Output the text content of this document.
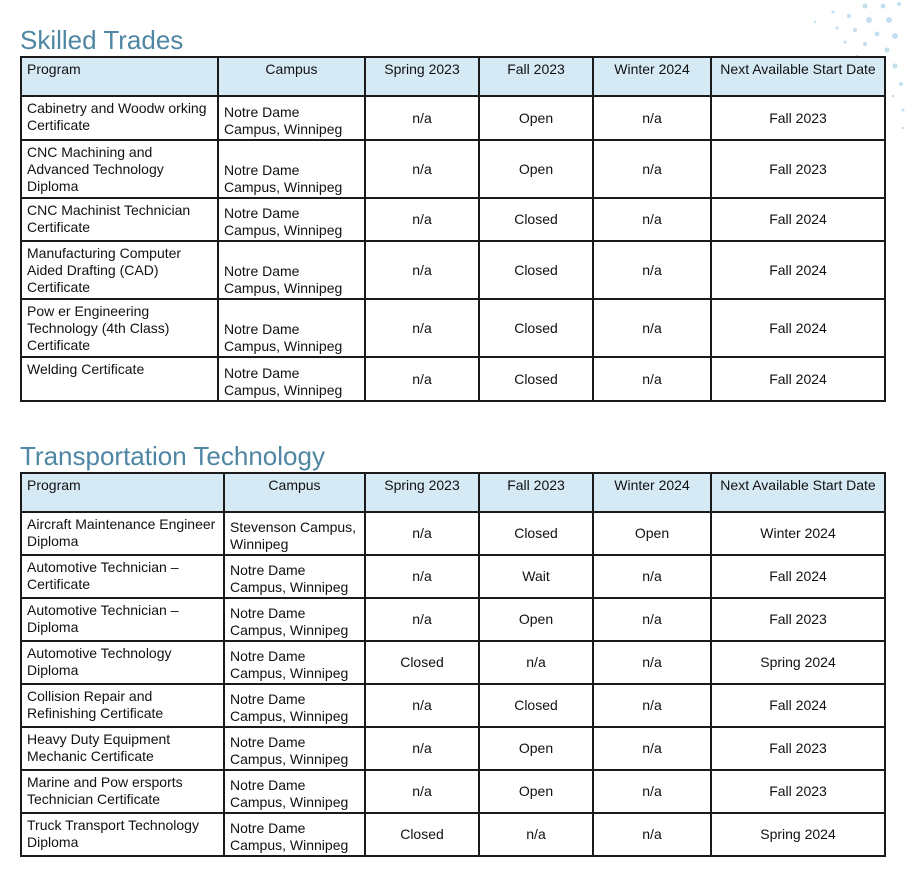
Skilled Trades
Program	Campus	Spring 2023	Fall 2023	Winter 2024	Next Available Start Date
Cabinetry and Woodw orking Certificate	Notre Dame Campus, Winnipeg	n/a	Open	n/a	Fall 2023
CNC Machining and Advanced Technology Diploma	Notre Dame Campus, Winnipeg	n/a	Open	n/a	Fall 2023
CNC Machinist Technician Certificate	Notre Dame Campus, Winnipeg	n/a	Closed	n/a	Fall 2024
Manufacturing Computer Aided Drafting (CAD) Certificate	Notre Dame Campus, Winnipeg	n/a	Closed	n/a	Fall 2024
Pow er Engineering Technology (4th Class) Certificate	Notre Dame Campus, Winnipeg	n/a	Closed	n/a	Fall 2024
Welding Certificate	Notre Dame Campus, Winnipeg	n/a	Closed	n/a	Fall 2024
Transportation Technology
Program	Campus	Spring 2023	Fall 2023	Winter 2024	Next Available Start Date
Aircraft Maintenance Engineer Diploma	Stevenson Campus, Winnipeg	n/a	Closed	Open	Winter 2024
Automotive Technician – Certificate	Notre Dame Campus, Winnipeg	n/a	Wait	n/a	Fall 2024
Automotive Technician – Diploma	Notre Dame Campus, Winnipeg	n/a	Open	n/a	Fall 2023
Automotive Technology Diploma	Notre Dame Campus, Winnipeg	Closed	n/a	n/a	Spring 2024
Collision Repair and Refinishing Certificate	Notre Dame Campus, Winnipeg	n/a	Closed	n/a	Fall 2024
Heavy Duty Equipment Mechanic Certificate	Notre Dame Campus, Winnipeg	n/a	Open	n/a	Fall 2023
Marine and Pow ersports Technician Certificate	Notre Dame Campus, Winnipeg	n/a	Open	n/a	Fall 2023
Truck Transport Technology Diploma	Notre Dame Campus, Winnipeg	Closed	n/a	n/a	Spring 2024
